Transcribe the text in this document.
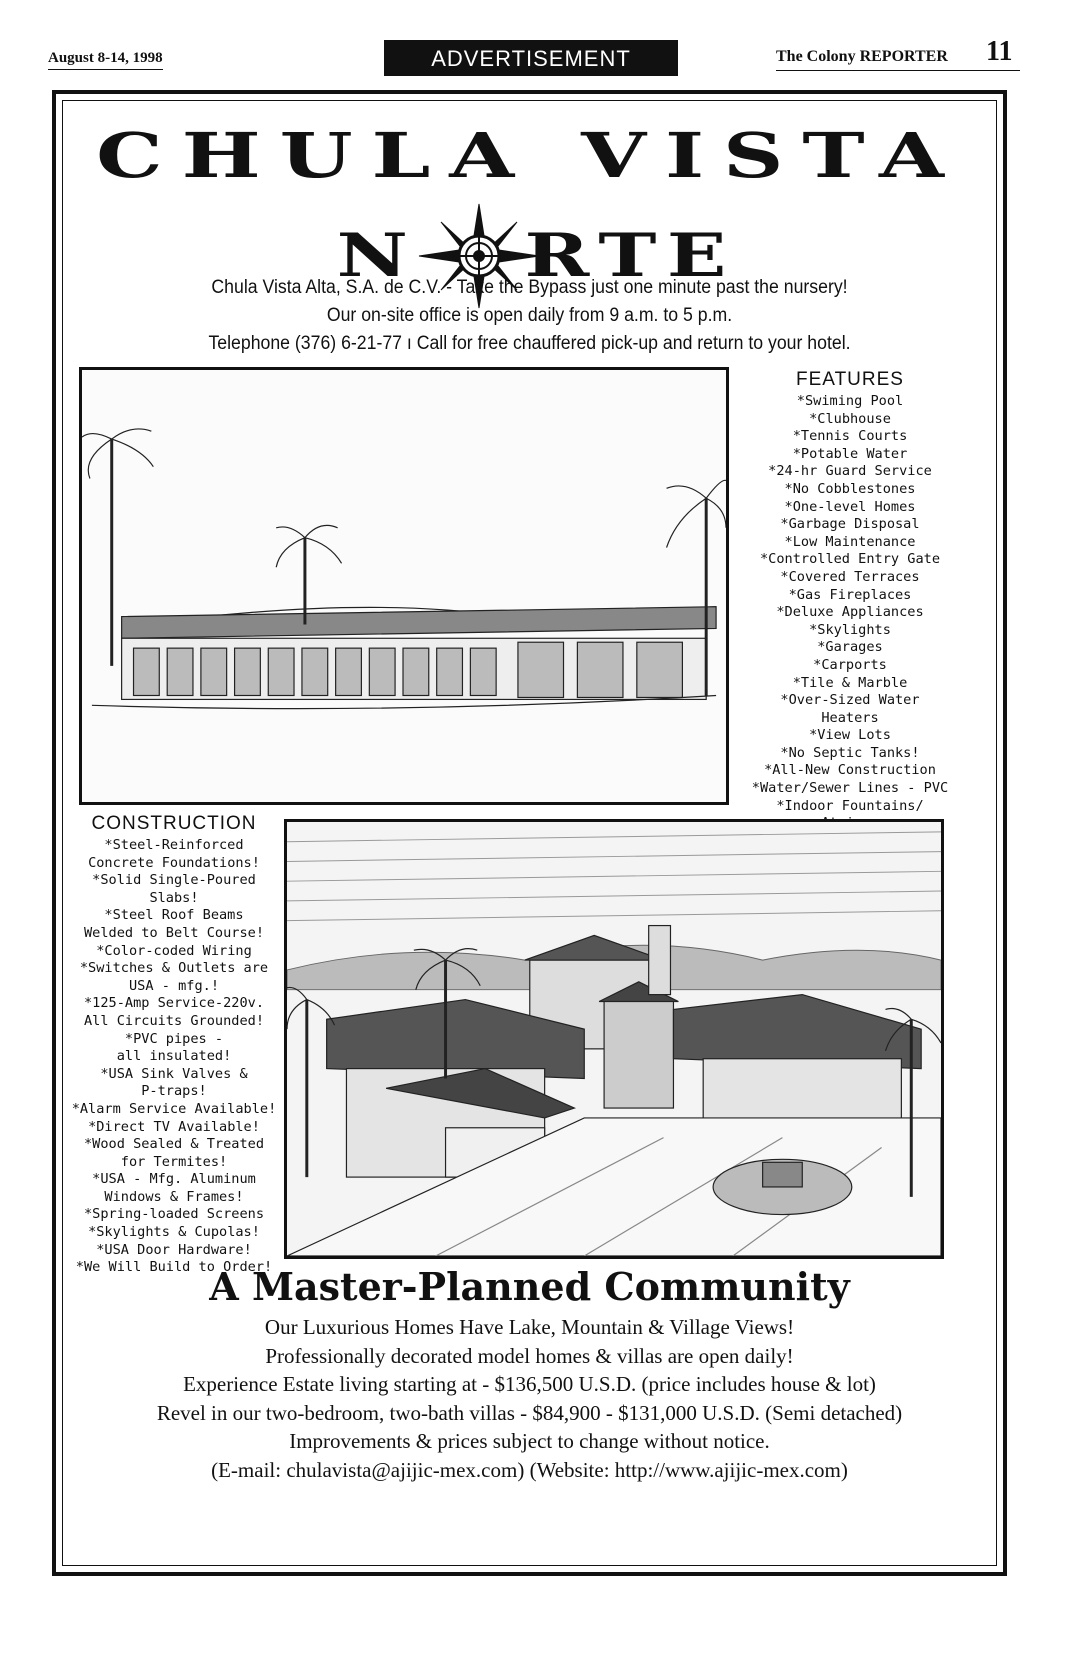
August 8-14, 1998	ADVERTISEMENT	The Colony REPORTER 11
CHULA VISTA
N RTE
Chula Vista Alta, S.A. de C.V. - Take the Bypass just one minute past the nursery!
Our on-site office is open daily from 9 a.m. to 5 p.m.
Telephone (376) 6-21-77 ı Call for free chauffered pick-up and return to your hotel.
FEATURES
*Swiming Pool
*Clubhouse
*Tennis Courts
*Potable Water
*24-hr Guard Service
*No Cobblestones
*One-level Homes
*Garbage Disposal
*Low Maintenance
*Controlled Entry Gate
*Covered Terraces
*Gas Fireplaces
*Deluxe Appliances
*Skylights
*Garages
*Carports
*Tile & Marble
*Over-Sized Water
Heaters
*View Lots
*No Septic Tanks!
*All-New Construction
*Water/Sewer Lines - PVC
*Indoor Fountains/
CONSTRUCTION
*Steel-Reinforced
Concrete Foundations!
*Solid Single-Poured
Slabs!
*Steel Roof Beams
Welded to Belt Course!
*Color-coded Wiring
*Switches & Outlets are
USA - mfg.!
*125-Amp Service-220v.
All Circuits Grounded!
*PVC pipes -
all insulated!
*USA Sink Valves &
P-traps!
*Alarm Service Available!
*Direct TV Available!
*Wood Sealed & Treated
for Termites!
*USA - Mfg. Aluminum
Windows & Frames!
*Spring-loaded Screens
*Skylights & Cupolas!
*USA Door Hardware!
*We Will Build to Order!
A Master-Planned Community
Our Luxurious Homes Have Lake, Mountain & Village Views!
Professionally decorated model homes & villas are open daily!
Experience Estate living starting at - $136,500 U.S.D. (price includes house & lot)
Revel in our two-bedroom, two-bath villas - $84,900 - $131,000 U.S.D. (Semi detached)
Improvements & prices subject to change without notice.
(E-mail: chulavista@ajijic-mex.com) (Website: http://www.ajijic-mex.com)
